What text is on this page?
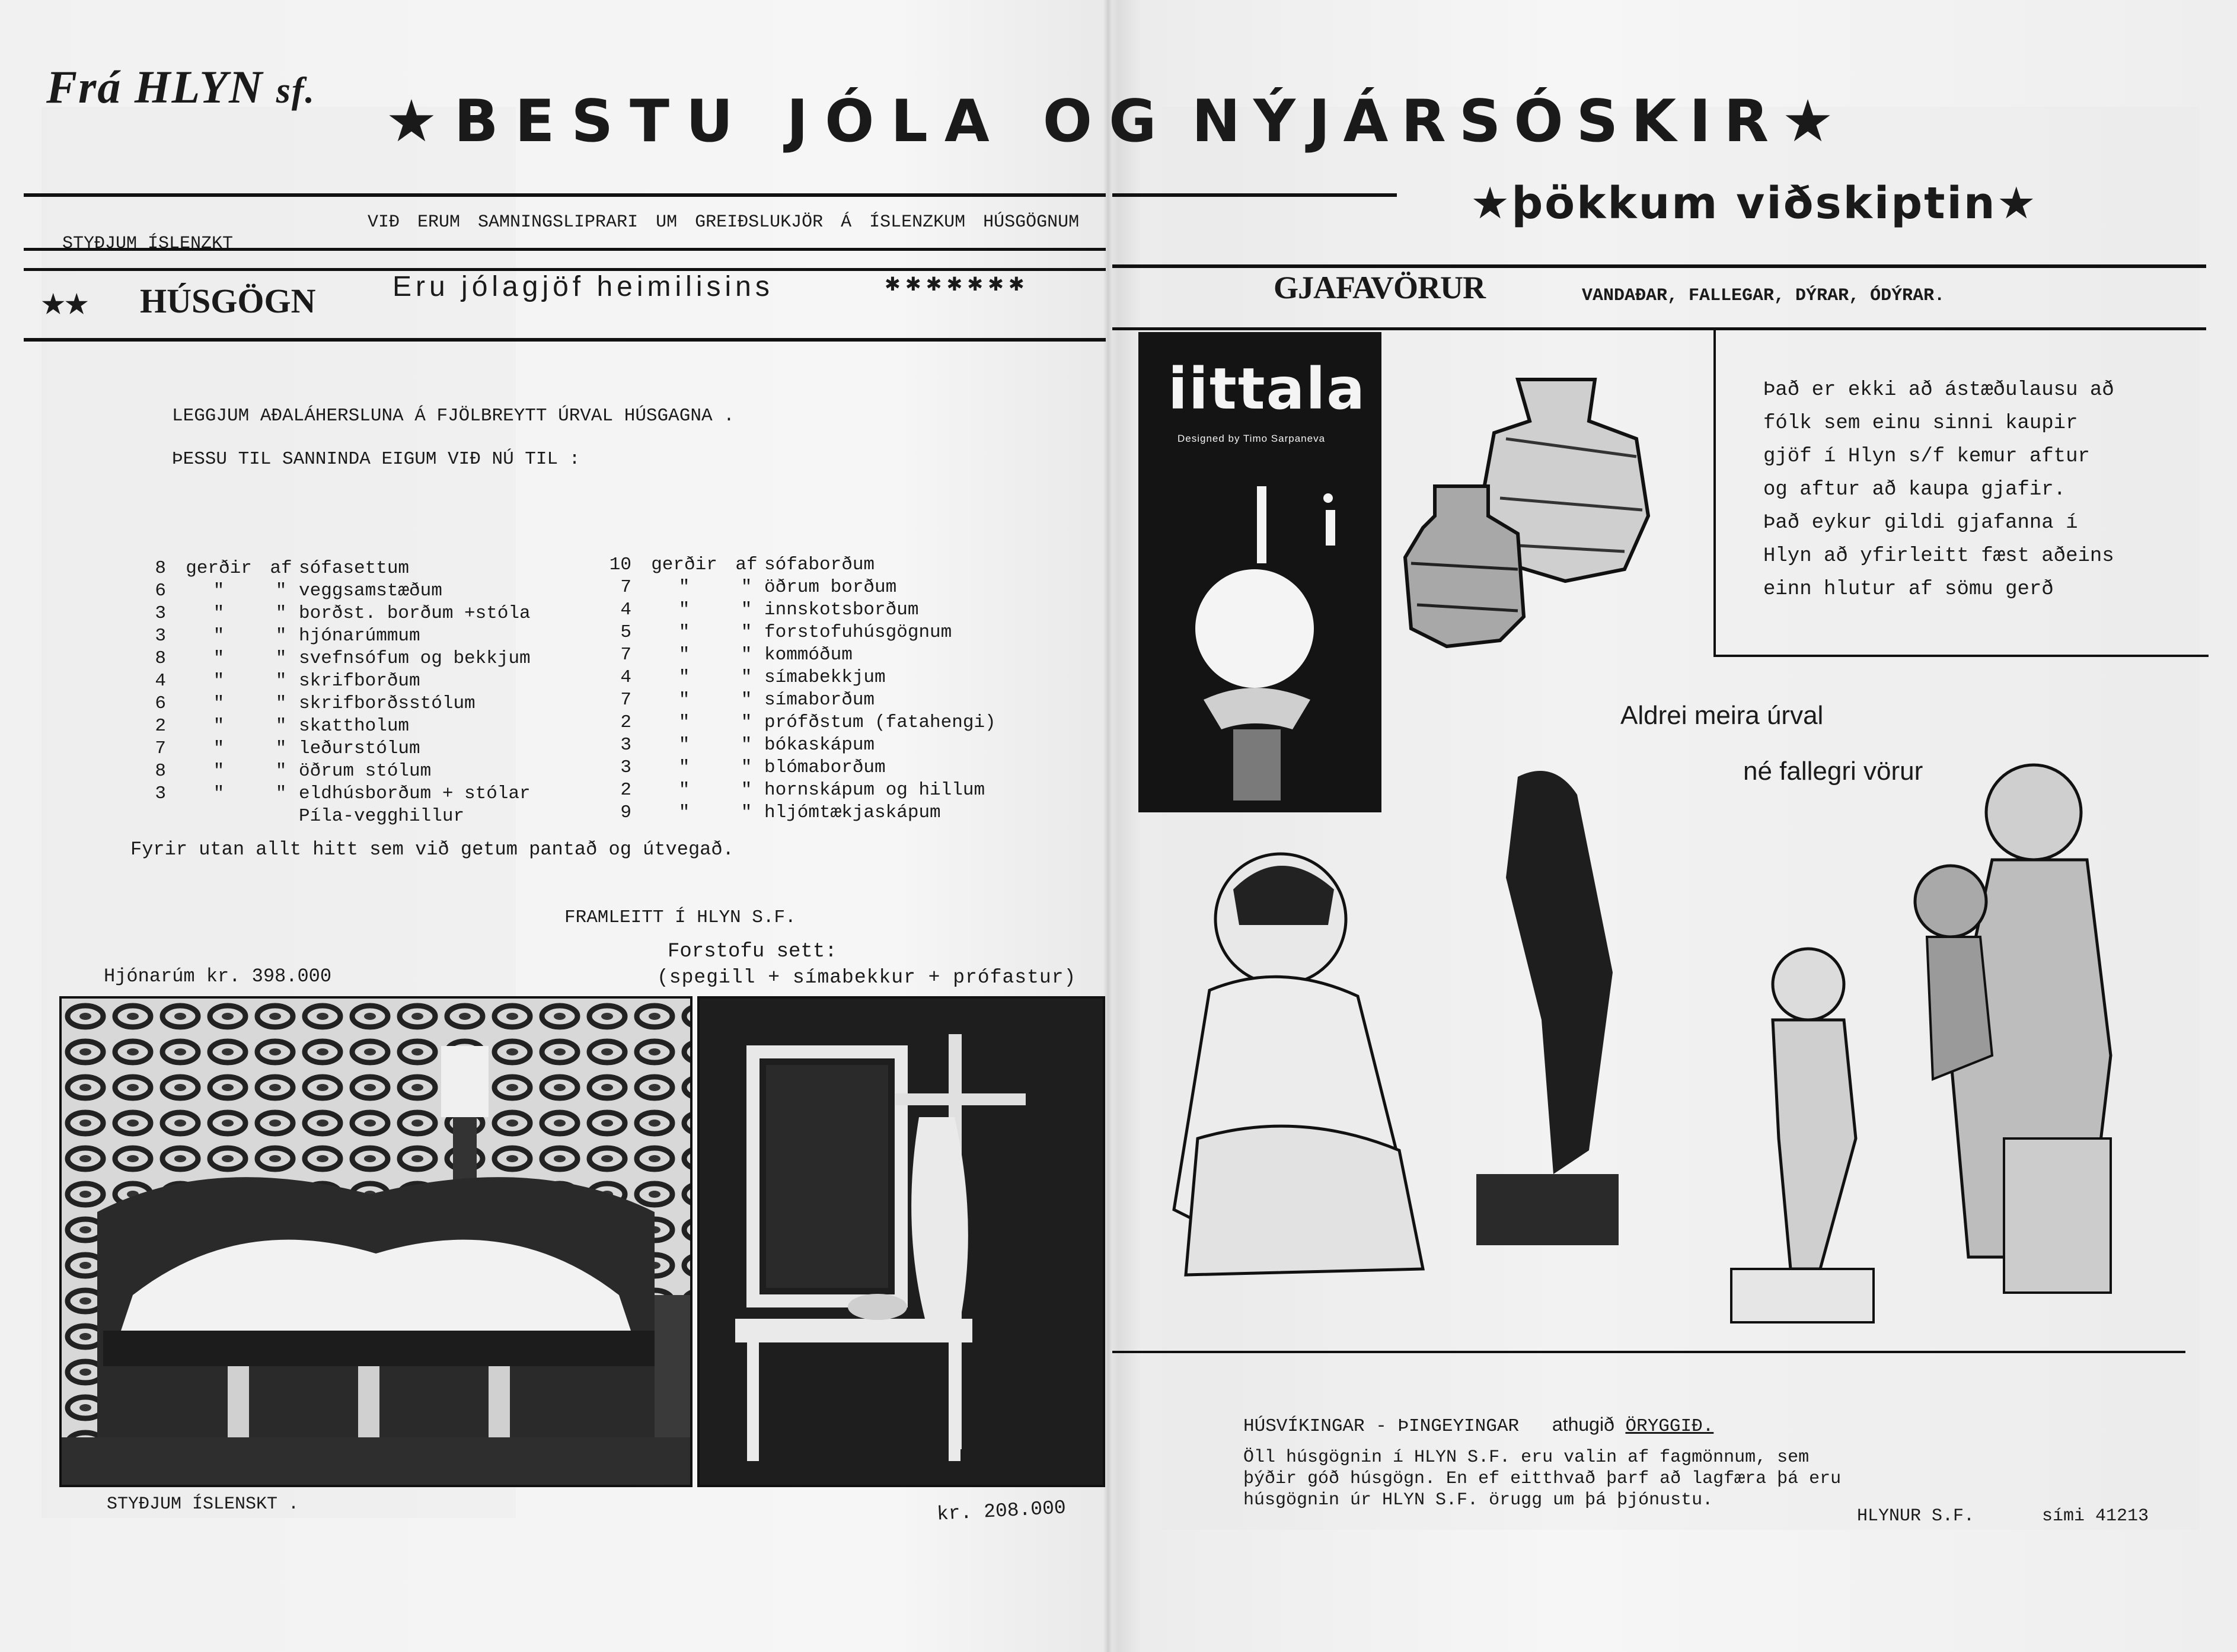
Frá HLYN sf. ★BESTU JÓLA OG
STYÐJUM ÍSLENZKT
VIÐ ERUM SAMNINGSLIPRARI UM GREIÐSLUKJÖR Á ÍSLENZKUM HÚSGÖGNUM
★★ HÚSGÖGN	Eru jólagjöf heimilisins	✱✱✱✱✱✱✱
LEGGJUM AÐALÁHERSLUNA Á FJÖLBREYTT ÚRVAL HÚSGAGNA .
ÞESSU TIL SANNINDA EIGUM VIÐ NÚ TIL :
8	gerðir	af	sófasettum
6	"	"	veggsamstæðum
3	"	"	borðst. borðum +stóla
3	"	"	hjónarúmmum
8	"	"	svefnsófum og bekkjum
4	"	"	skrifborðum
6	"	"	skrifborðsstólum
2	"	"	skattholum
7	"	"	leðurstólum
8	"	"	öðrum stólum
3	"	"	eldhúsborðum + stólar
			Píla-vegghillur
10	gerðir	af	sófaborðum
7	"	"	öðrum borðum
4	"	"	innskotsborðum
5	"	"	forstofuhúsgögnum
7	"	"	kommóðum
4	"	"	símabekkjum
7	"	"	símaborðum
2	"	"	prófðstum (fatahengi)
3	"	"	bókaskápum
3	"	"	blómaborðum
2	"	"	hornskápum og hillum
9	"	"	hljómtækjaskápum
Fyrir utan allt hitt sem við getum pantað og útvegað.
FRAMLEITT Í HLYN S.F.
Forstofu sett:
(spegill + símabekkur + prófastur)
Hjónarúm kr. 398.000
STYÐJUM ÍSLENSKT .	kr. 208.000
NÝJÁRSÓSKIR★
★þökkum viðskiptin★
GJAFAVÖRUR	VANDAÐAR, FALLEGAR, DÝRAR, ÓDÝRAR.
iittala
Designed by Timo Sarpaneva
Það er ekki að ástæðulausu að
fólk sem einu sinni kaupir
gjöf í Hlyn s/f kemur aftur
og aftur að kaupa gjafir.
Það eykur gildi gjafanna í
Hlyn að yfirleitt fæst aðeins
einn hlutur af sömu gerð
Aldrei meira úrval
né fallegri vörur
HÚSVÍKINGAR - ÞINGEYINGAR athugið ÖRYGGIÐ.
Öll húsgögnin í HLYN S.F. eru valin af fagmönnum, sem
þýðir góð húsgögn. En ef eitthvað þarf að lagfæra þá eru
húsgögnin úr HLYN S.F. örugg um þá þjónustu.
HLYNUR S.F.	sími 41213
